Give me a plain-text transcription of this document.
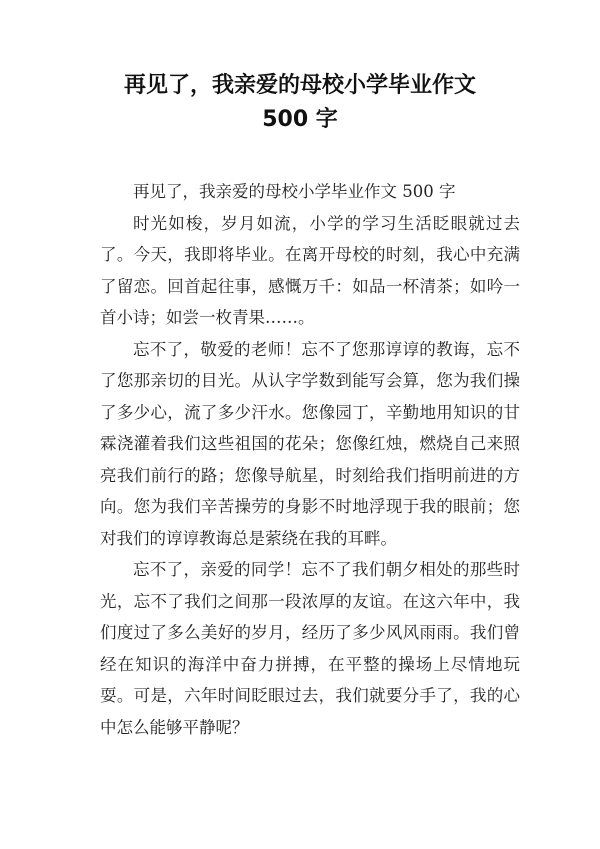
再见了，我亲爱的母校小学毕业作文
500 字

再见了，我亲爱的母校小学毕业作文 500 字

时光如梭，岁月如流，小学的学习生活眨眼就过去了。今天，我即将毕业。在离开母校的时刻，我心中充满了留恋。回首起往事，感慨万千：如品一杯清茶；如吟一首小诗；如尝一枚青果……。

忘不了，敬爱的老师！忘不了您那谆谆的教诲，忘不了您那亲切的目光。从认字学数到能写会算，您为我们操了多少心，流了多少汗水。您像园丁，辛勤地用知识的甘霖浇灌着我们这些祖国的花朵；您像红烛，燃烧自己来照亮我们前行的路；您像导航星，时刻给我们指明前进的方向。您为我们辛苦操劳的身影不时地浮现于我的眼前；您对我们的谆谆教诲总是萦绕在我的耳畔。

忘不了，亲爱的同学！忘不了我们朝夕相处的那些时光，忘不了我们之间那一段浓厚的友谊。在这六年中，我们度过了多么美好的岁月，经历了多少风风雨雨。我们曾经在知识的海洋中奋力拼搏，在平整的操场上尽情地玩耍。可是，六年时间眨眼过去，我们就要分手了，我的心中怎么能够平静呢？
